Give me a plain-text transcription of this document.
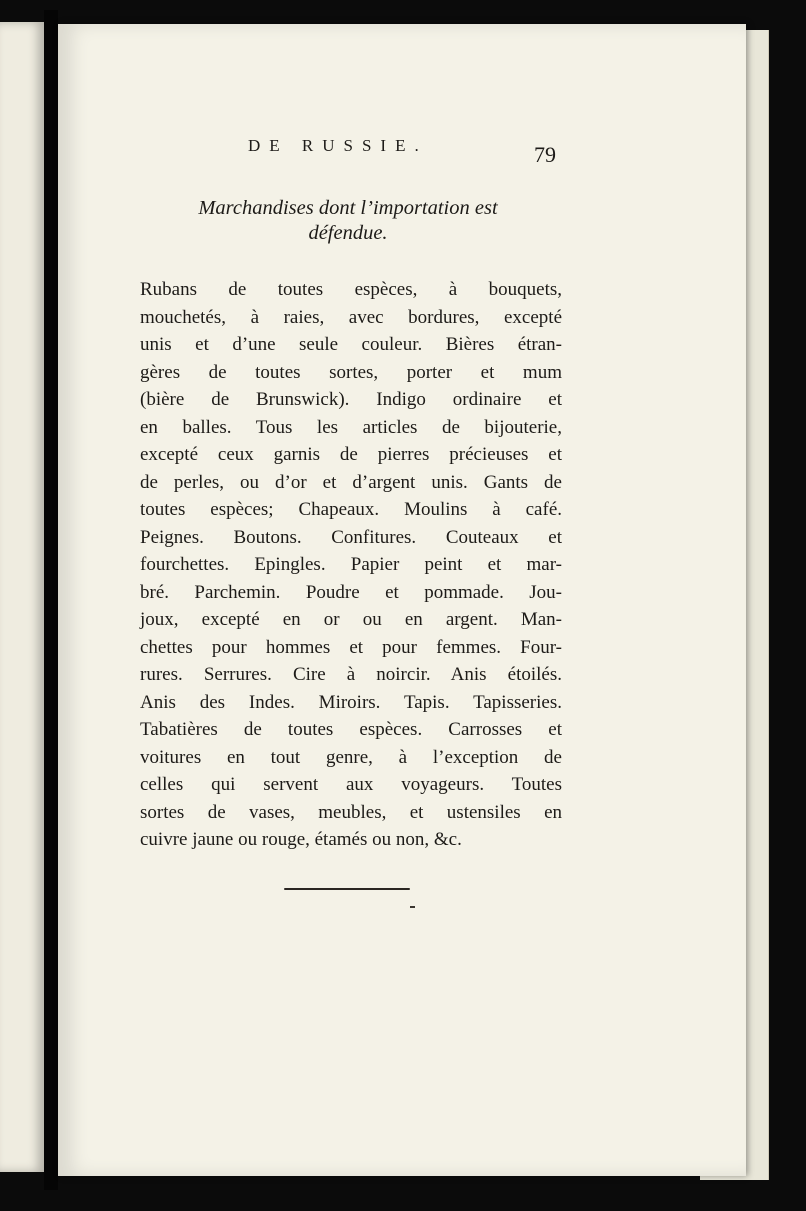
DE RUSSIE.	79
Marchandises dont l’importation est défendue.
Rubans de toutes espèces, à bouquets,
mouchetés, à raies, avec bordures, excepté
unis et d’une seule couleur. Bières étran-
gères de toutes sortes, porter et mum
(bière de Brunswick). Indigo ordinaire et
en balles. Tous les articles de bijouterie,
excepté ceux garnis de pierres précieuses et
de perles, ou d’or et d’argent unis. Gants de
toutes espèces; Chapeaux. Moulins à café.
Peignes. Boutons. Confitures. Couteaux et
fourchettes. Epingles. Papier peint et mar-
bré. Parchemin. Poudre et pommade. Jou-
joux, excepté en or ou en argent. Man-
chettes pour hommes et pour femmes. Four-
rures. Serrures. Cire à noircir. Anis étoilés.
Anis des Indes. Miroirs. Tapis. Tapisseries.
Tabatières de toutes espèces. Carrosses et
voitures en tout genre, à l’exception de
celles qui servent aux voyageurs. Toutes
sortes de vases, meubles, et ustensiles en
cuivre jaune ou rouge, étamés ou non, &c.
